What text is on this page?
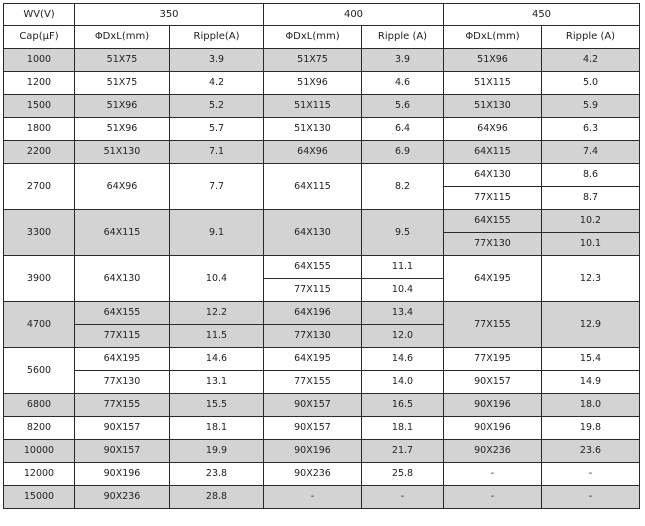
WV(V)	350		400		450	
Cap(µF)	ΦDxL(mm)	Ripple(A)	ΦDxL(mm)	Ripple (A)	ΦDxL(mm)	Ripple (A)
1000	51X75	3.9	51X75	3.9	51X96	4.2
1200	51X75	4.2	51X96	4.6	51X115	5.0
1500	51X96	5.2	51X115	5.6	51X130	5.9
1800	51X96	5.7	51X130	6.4	64X96	6.3
2200	51X130	7.1	64X96	6.9	64X115	7.4
2700	64X96	7.7	64X115	8.2	64X130	8.6
					77X115	8.7
3300	64X115	9.1	64X130	9.5	64X155	10.2
					77X130	10.1
3900	64X130	10.4	64X155	11.1	64X195	12.3
			77X115	10.4		
4700	64X155	12.2	64X196	13.4	77X155	12.9
	77X115	11.5	77X130	12.0		
5600	64X195	14.6	64X195	14.6	77X195	15.4
	77X130	13.1	77X155	14.0	90X157	14.9
6800	77X155	15.5	90X157	16.5	90X196	18.0
8200	90X157	18.1	90X157	18.1	90X196	19.8
10000	90X157	19.9	90X196	21.7	90X236	23.6
12000	90X196	23.8	90X236	25.8	-	-
15000	90X236	28.8	-	-	-	-
